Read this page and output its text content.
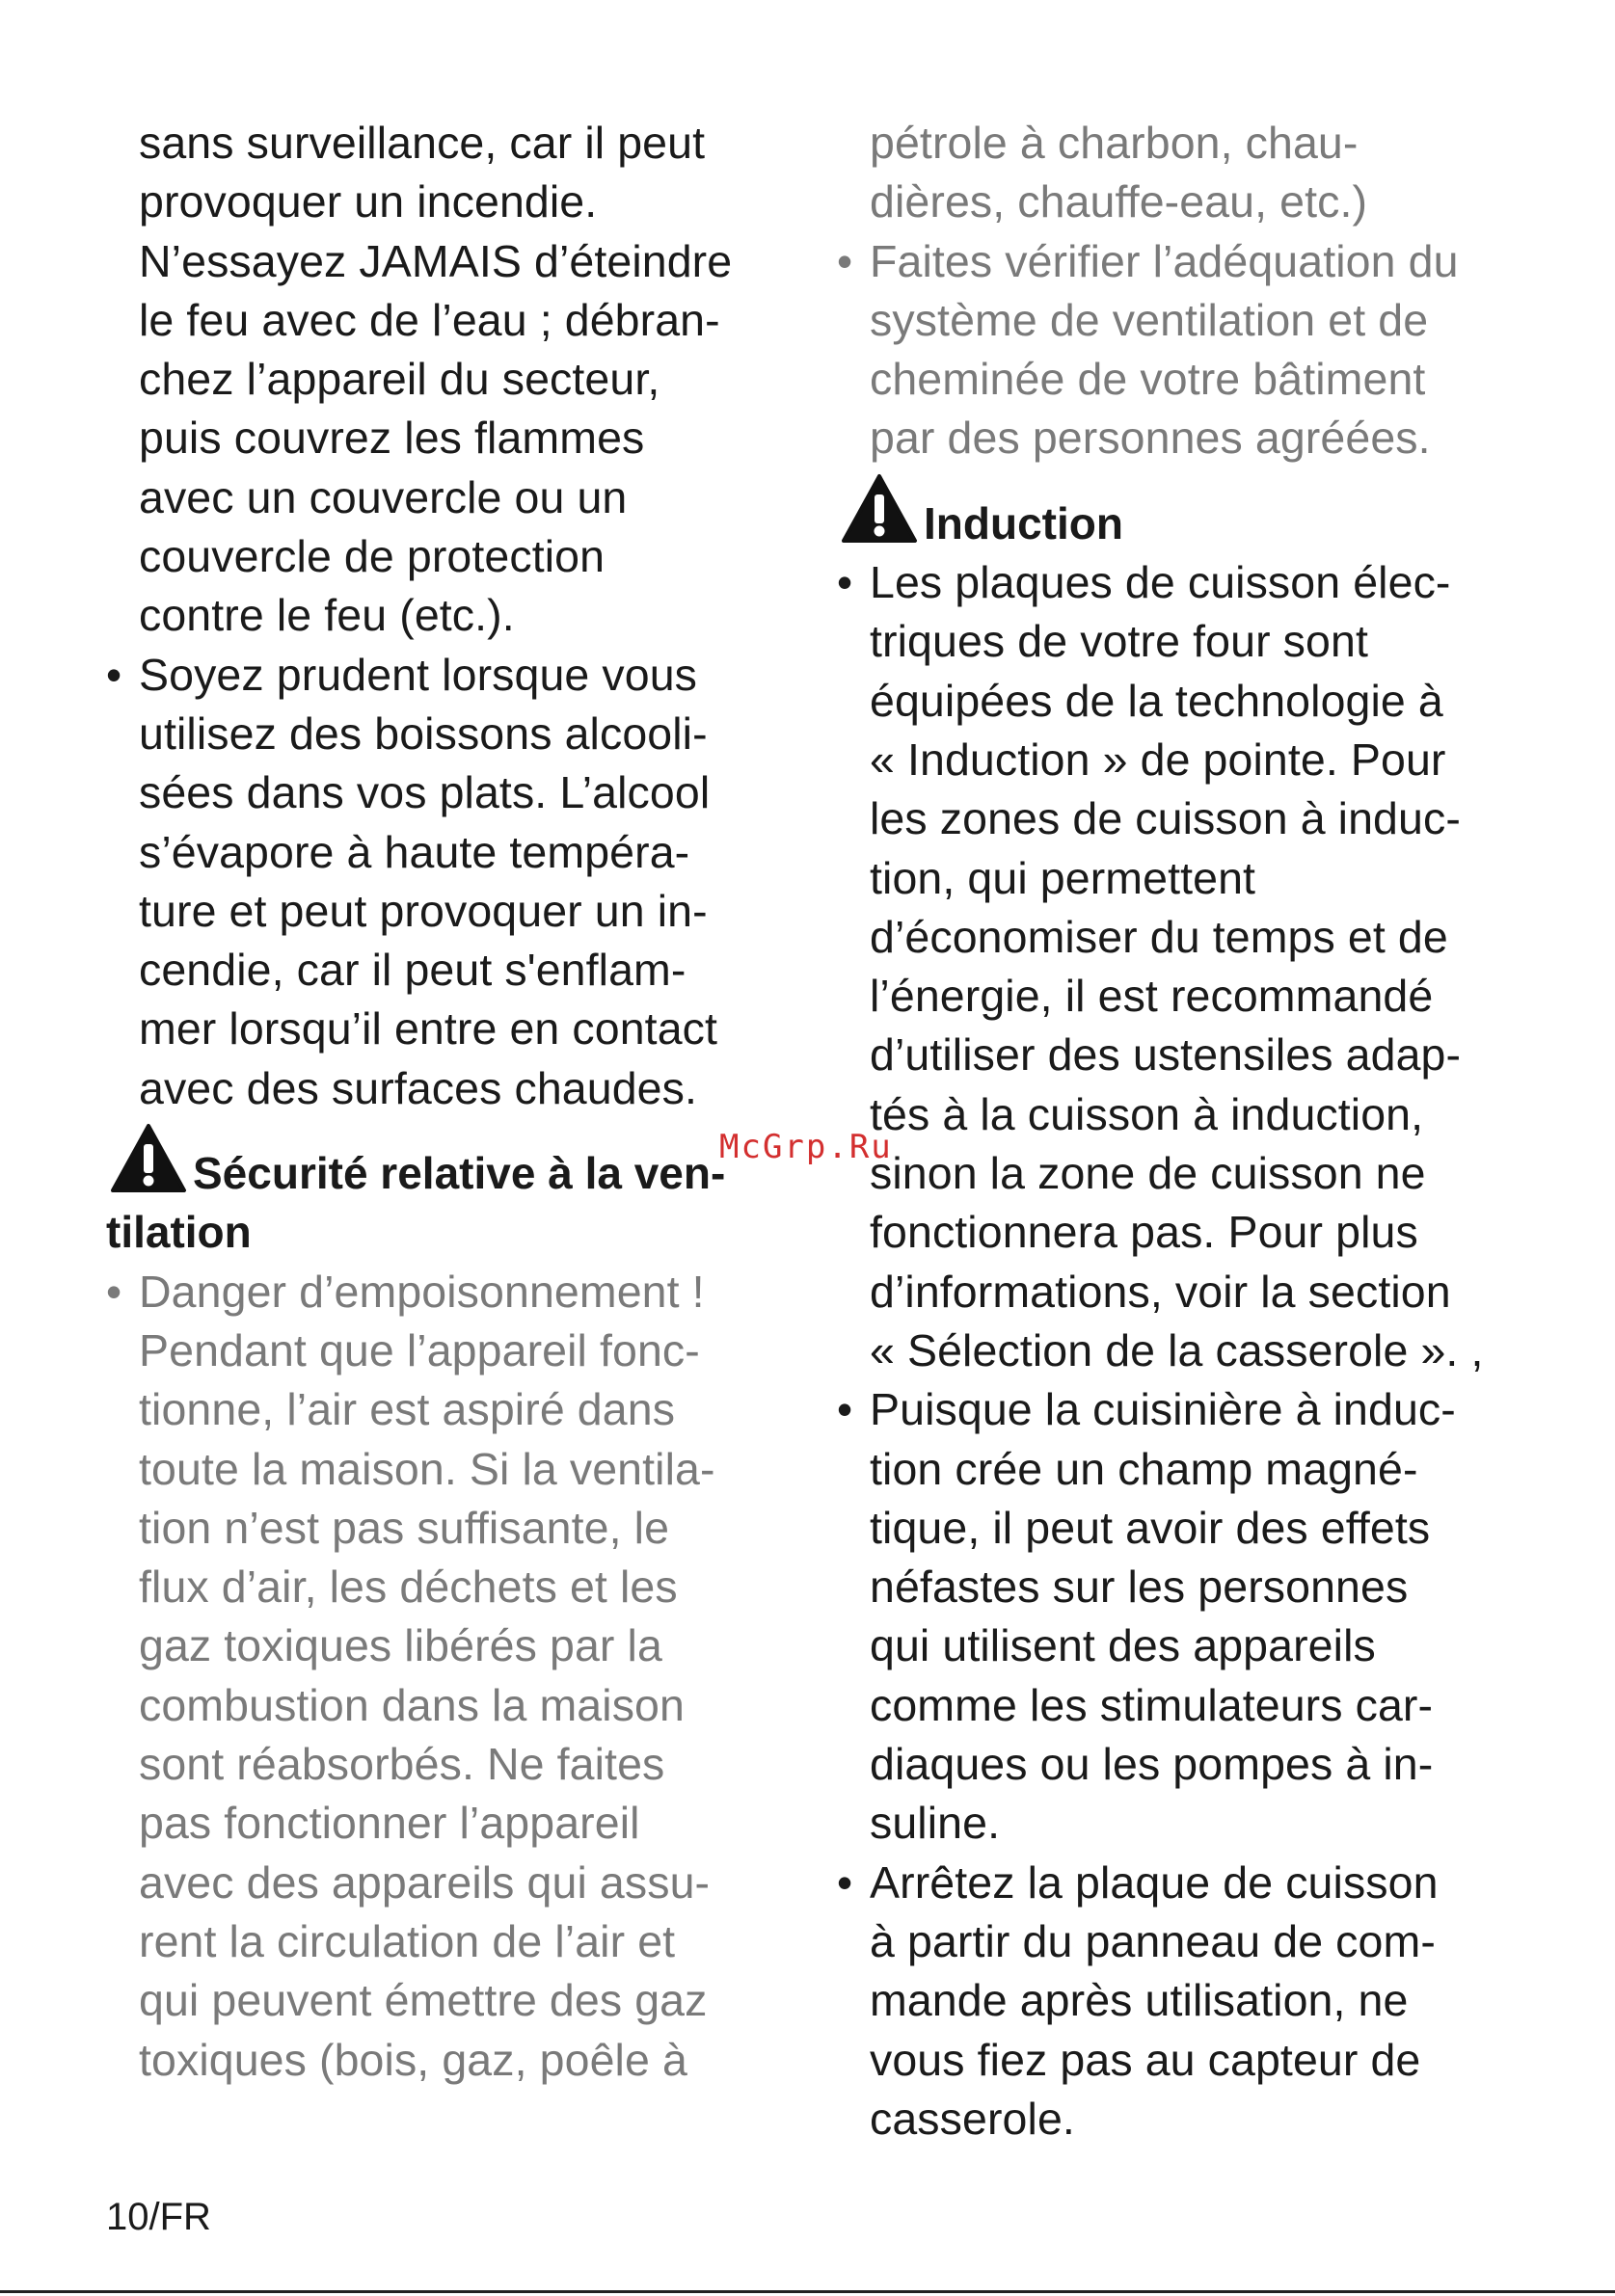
sans surveillance, car il peut
provoquer un incendie.
N’essayez JAMAIS d’éteindre
le feu avec de l’eau ; débran-
chez l’appareil du secteur,
puis couvrez les flammes
avec un couvercle ou un
couvercle de protection
contre le feu (etc.).
• Soyez prudent lorsque vous
utilisez des boissons alcooli-
sées dans vos plats. L’alcool
s’évapore à haute tempéra-
ture et peut provoquer un in-
cendie, car il peut s'enflam-
mer lorsqu’il entre en contact
avec des surfaces chaudes.
Sécurité relative à la ven-
tilation
• Danger d’empoisonnement !
Pendant que l’appareil fonc-
tionne, l’air est aspiré dans
toute la maison. Si la ventila-
tion n’est pas suffisante, le
flux d’air, les déchets et les
gaz toxiques libérés par la
combustion dans la maison
sont réabsorbés. Ne faites
pas fonctionner l’appareil
avec des appareils qui assu-
rent la circulation de l’air et
qui peuvent émettre des gaz
toxiques (bois, gaz, poêle à
pétrole à charbon, chau-
dières, chauffe-eau, etc.)
• Faites vérifier l’adéquation du
système de ventilation et de
cheminée de votre bâtiment
par des personnes agréées.
Induction
• Les plaques de cuisson élec-
triques de votre four sont
équipées de la technologie à
« Induction » de pointe. Pour
les zones de cuisson à induc-
tion, qui permettent
d’économiser du temps et de
l’énergie, il est recommandé
d’utiliser des ustensiles adap-
tés à la cuisson à induction,
sinon la zone de cuisson ne
fonctionnera pas. Pour plus
d’informations, voir la section
« Sélection de la casserole ». ,
• Puisque la cuisinière à induc-
tion crée un champ magné-
tique, il peut avoir des effets
néfastes sur les personnes
qui utilisent des appareils
comme les stimulateurs car-
diaques ou les pompes à in-
suline.
• Arrêtez la plaque de cuisson
à partir du panneau de com-
mande après utilisation, ne
vous fiez pas au capteur de
casserole.
McGrp.Ru
10/FR
